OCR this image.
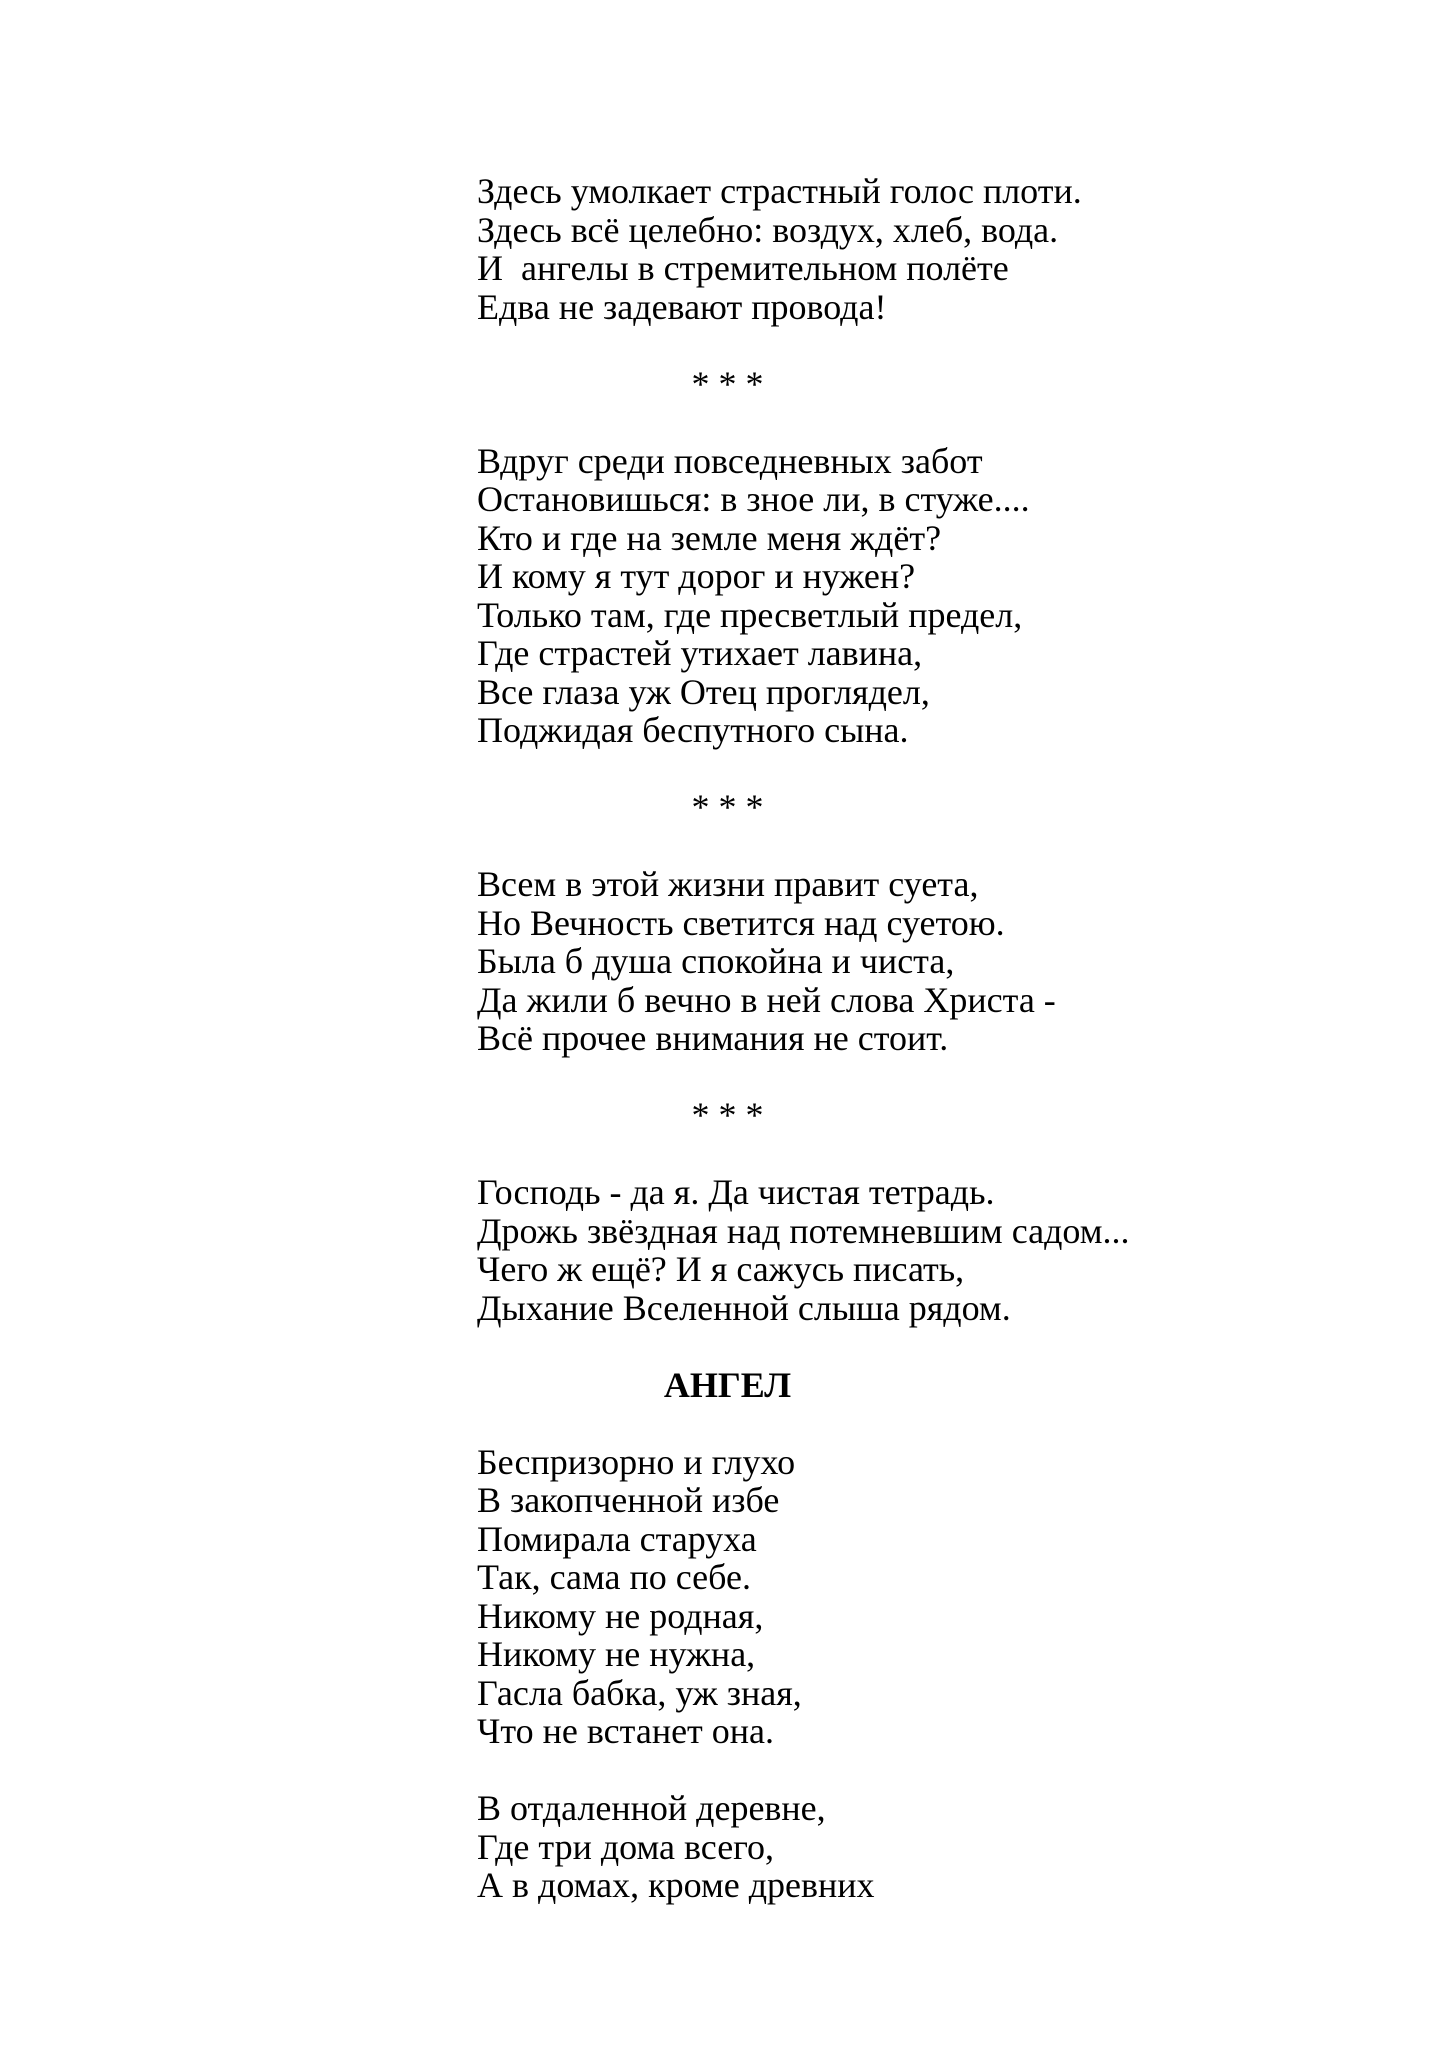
Здесь умолкает страстный голос плоти.
Здесь всё целебно: воздух, хлеб, вода.
И  ангелы в стремительном полёте
Едва не задевают провода!
* * *
Вдруг среди повседневных забот
Остановишься: в зное ли, в стуже....
Кто и где на земле меня ждёт?
И кому я тут дорог и нужен?
Только там, где пресветлый предел,
Где страстей утихает лавина,
Все глаза уж Отец проглядел,
Поджидая беспутного сына.
* * *
Всем в этой жизни правит суета,
Но Вечность светится над суетою.
Была б душа спокойна и чиста,
Да жили б вечно в ней слова Христа -
Всё прочее внимания не стоит.
* * *
Господь - да я. Да чистая тетрадь.
Дрожь звёздная над потемневшим садом...
Чего ж ещё? И я сажусь писать,
Дыхание Вселенной слыша рядом.
АНГЕЛ
Беспризорно и глухо
В закопченной избе
Помирала старуха
Так, сама по себе.
Никому не родная,
Никому не нужна,
Гасла бабка, уж зная,
Что не встанет она.
В отдаленной деревне,
Где три дома всего,
А в домах, кроме древних
